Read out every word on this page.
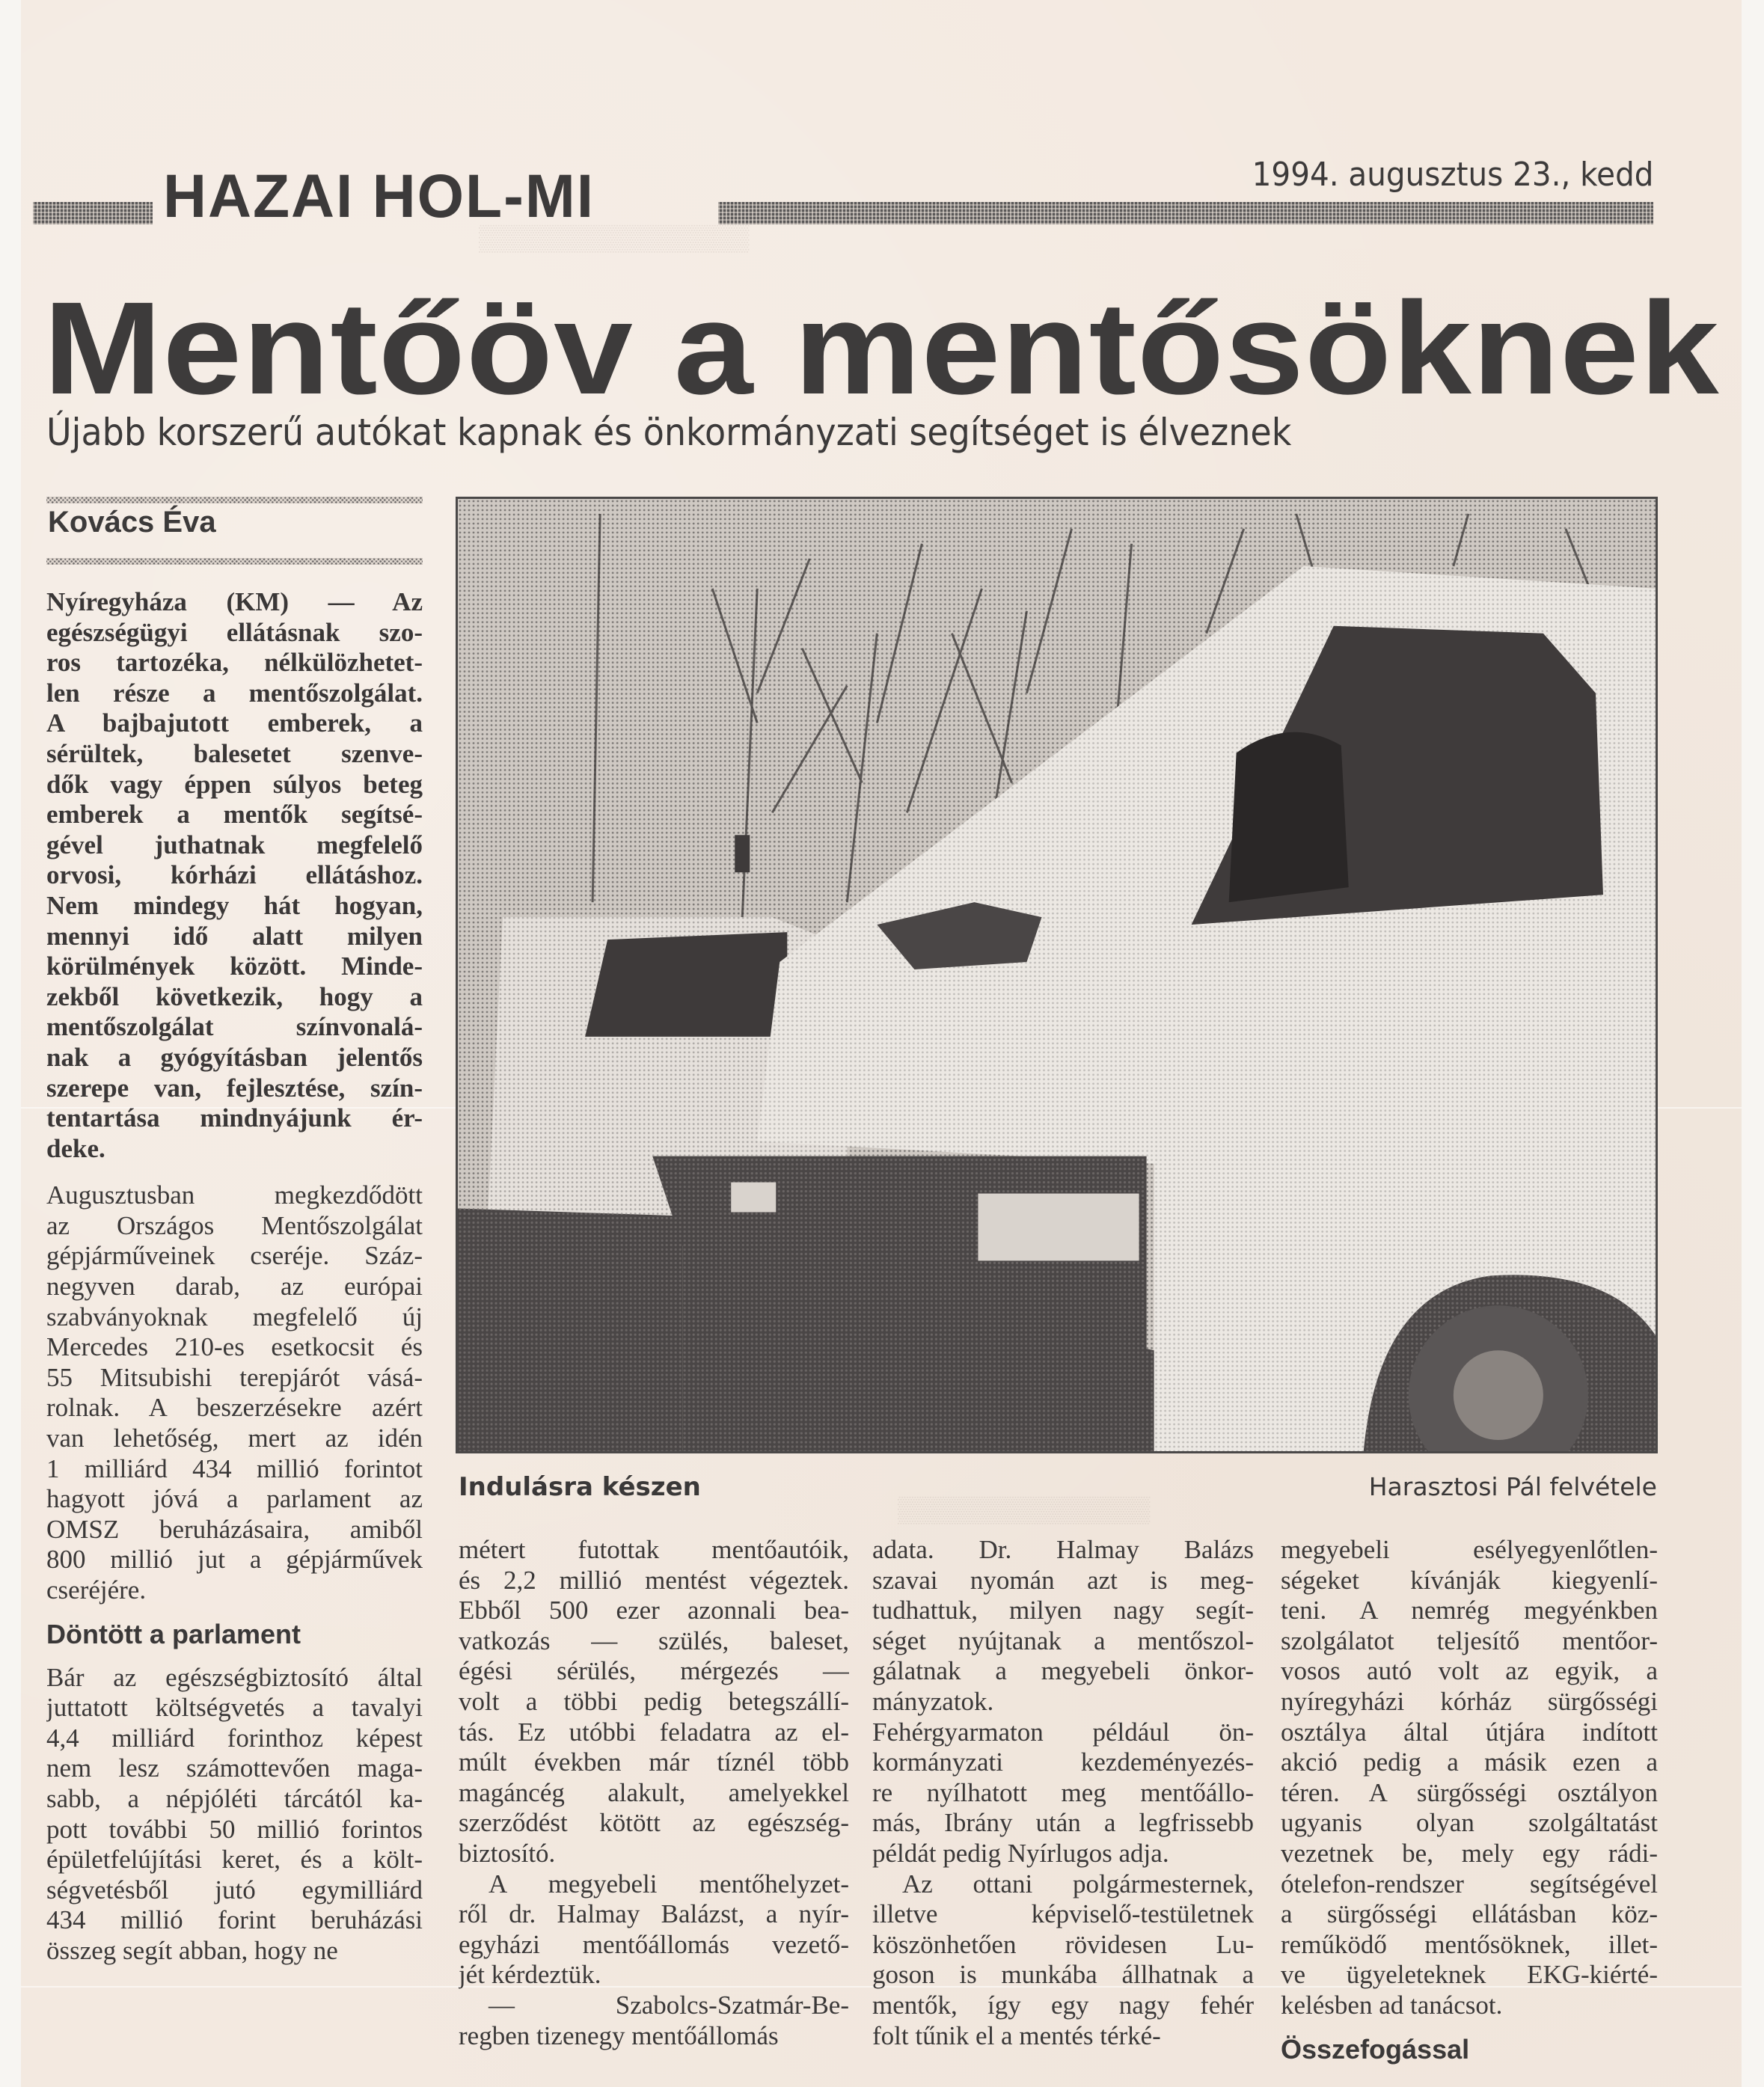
▒▒▒▒▒▒▒▒▒▒▒▒▒▒▒
▒▒▒▒▒▒▒▒▒▒▒▒▒▒
HAZAI HOL-MI	1994. augusztus 23., kedd
Mentőöv a mentősöknek
Újabb korszerű autókat kapnak és önkormányzati segítséget is élveznek
Kovács Éva
Indulásra készen	Harasztosi Pál felvétele

Nyíregyháza (KM) — Az
egészségügyi ellátásnak szo-
ros tartozéka, nélkülözhetet-
len része a mentőszolgálat.
A bajbajutott emberek, a
sérültek, balesetet szenve-
dők vagy éppen súlyos beteg
emberek a mentők segítsé-
gével juthatnak megfelelő
orvosi, kórházi ellátáshoz.
Nem mindegy hát hogyan,
mennyi idő alatt milyen
körülmények között. Minde-
zekből következik, hogy a
mentőszolgálat színvonalá-
nak a gyógyításban jelentős
szerepe van, fejlesztése, szín-
tentartása mindnyájunk ér-
deke.

Augusztusban megkezdődött
az Országos Mentőszolgálat
gépjárműveinek cseréje. Száz-
negyven darab, az európai
szabványoknak megfelelő új
Mercedes 210-es esetkocsit és
55 Mitsubishi terepjárót vásá-
rolnak. A beszerzésekre azért
van lehetőség, mert az idén
1 milliárd 434 millió forintot
hagyott jóvá a parlament az
OMSZ beruházásaira, amiből
800 millió jut a gépjárművek
cseréjére.

Döntött a parlament

Bár az egészségbiztosító által
juttatott költségvetés a tavalyi
4,4 milliárd forinthoz képest
nem lesz számottevően maga-
sabb, a népjóléti tárcától ka-
pott további 50 millió forintos
épületfelújítási keret, és a költ-
ségvetésből jutó egymilliárd
434 millió forint beruházási
összeg segít abban, hogy ne

métert futottak mentőautóik,
és 2,2 millió mentést végeztek.
Ebből 500 ezer azonnali bea-
vatkozás — szülés, baleset,
égési sérülés, mérgezés —
volt a többi pedig betegszállí-
tás. Ez utóbbi feladatra az el-
múlt években már tíznél több
magáncég alakult, amelyekkel
szerződést kötött az egészség-
biztosító.

A megyebeli mentőhelyzet-
ről dr. Halmay Balázst, a nyír-
egyházi mentőállomás vezető-
jét kérdeztük.

— Szabolcs-Szatmár-Be-
regben tizenegy mentőállomás

adata. Dr. Halmay Balázs
szavai nyomán azt is meg-
tudhattuk, milyen nagy segít-
séget nyújtanak a mentőszol-
gálatnak a megyebeli önkor-
mányzatok.

Fehérgyarmaton például ön-
kormányzati kezdeményezés-
re nyílhatott meg mentőállo-
más, Ibrány után a legfrissebb
példát pedig Nyírlugos adja.

Az ottani polgármesternek,
illetve képviselő-testületnek
köszönhetően rövidesen Lu-
goson is munkába állhatnak a
mentők, így egy nagy fehér
folt tűnik el a mentés térké-

megyebeli esélyegyenlőtlen-
ségeket kívánják kiegyenlí-
teni. A nemrég megyénkben
szolgálatot teljesítő mentőor-
vosos autó volt az egyik, a
nyíregyházi kórház sürgősségi
osztálya által útjára indított
akció pedig a másik ezen a
téren. A sürgősségi osztályon
ugyanis olyan szolgáltatást
vezetnek be, mely egy rádi-
ótelefon-rendszer segítségével
a sürgősségi ellátásban köz-
reműködő mentősöknek, illet-
ve ügyeleteknek EKG-kiérté-
kelésben ad tanácsot.

Összefogással
